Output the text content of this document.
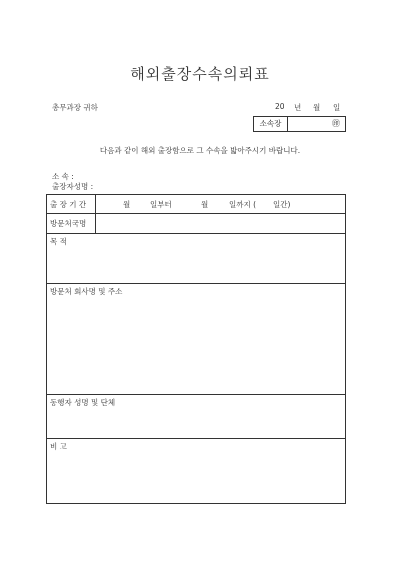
해외출장수속의뢰표
총무과장 귀하	20 년 월 일
소속장	㊞
다음과 같이 해외 출장함으로 그 수속을 밟아주시기 바랍니다.
소 속 :
출장자성명 :
출 장 기 간	월	일부터	월	일까지 ( 일간)
방문처국명
목 적
방문처 회사명 및 주소
동행자 성명 및 단체
비 고
